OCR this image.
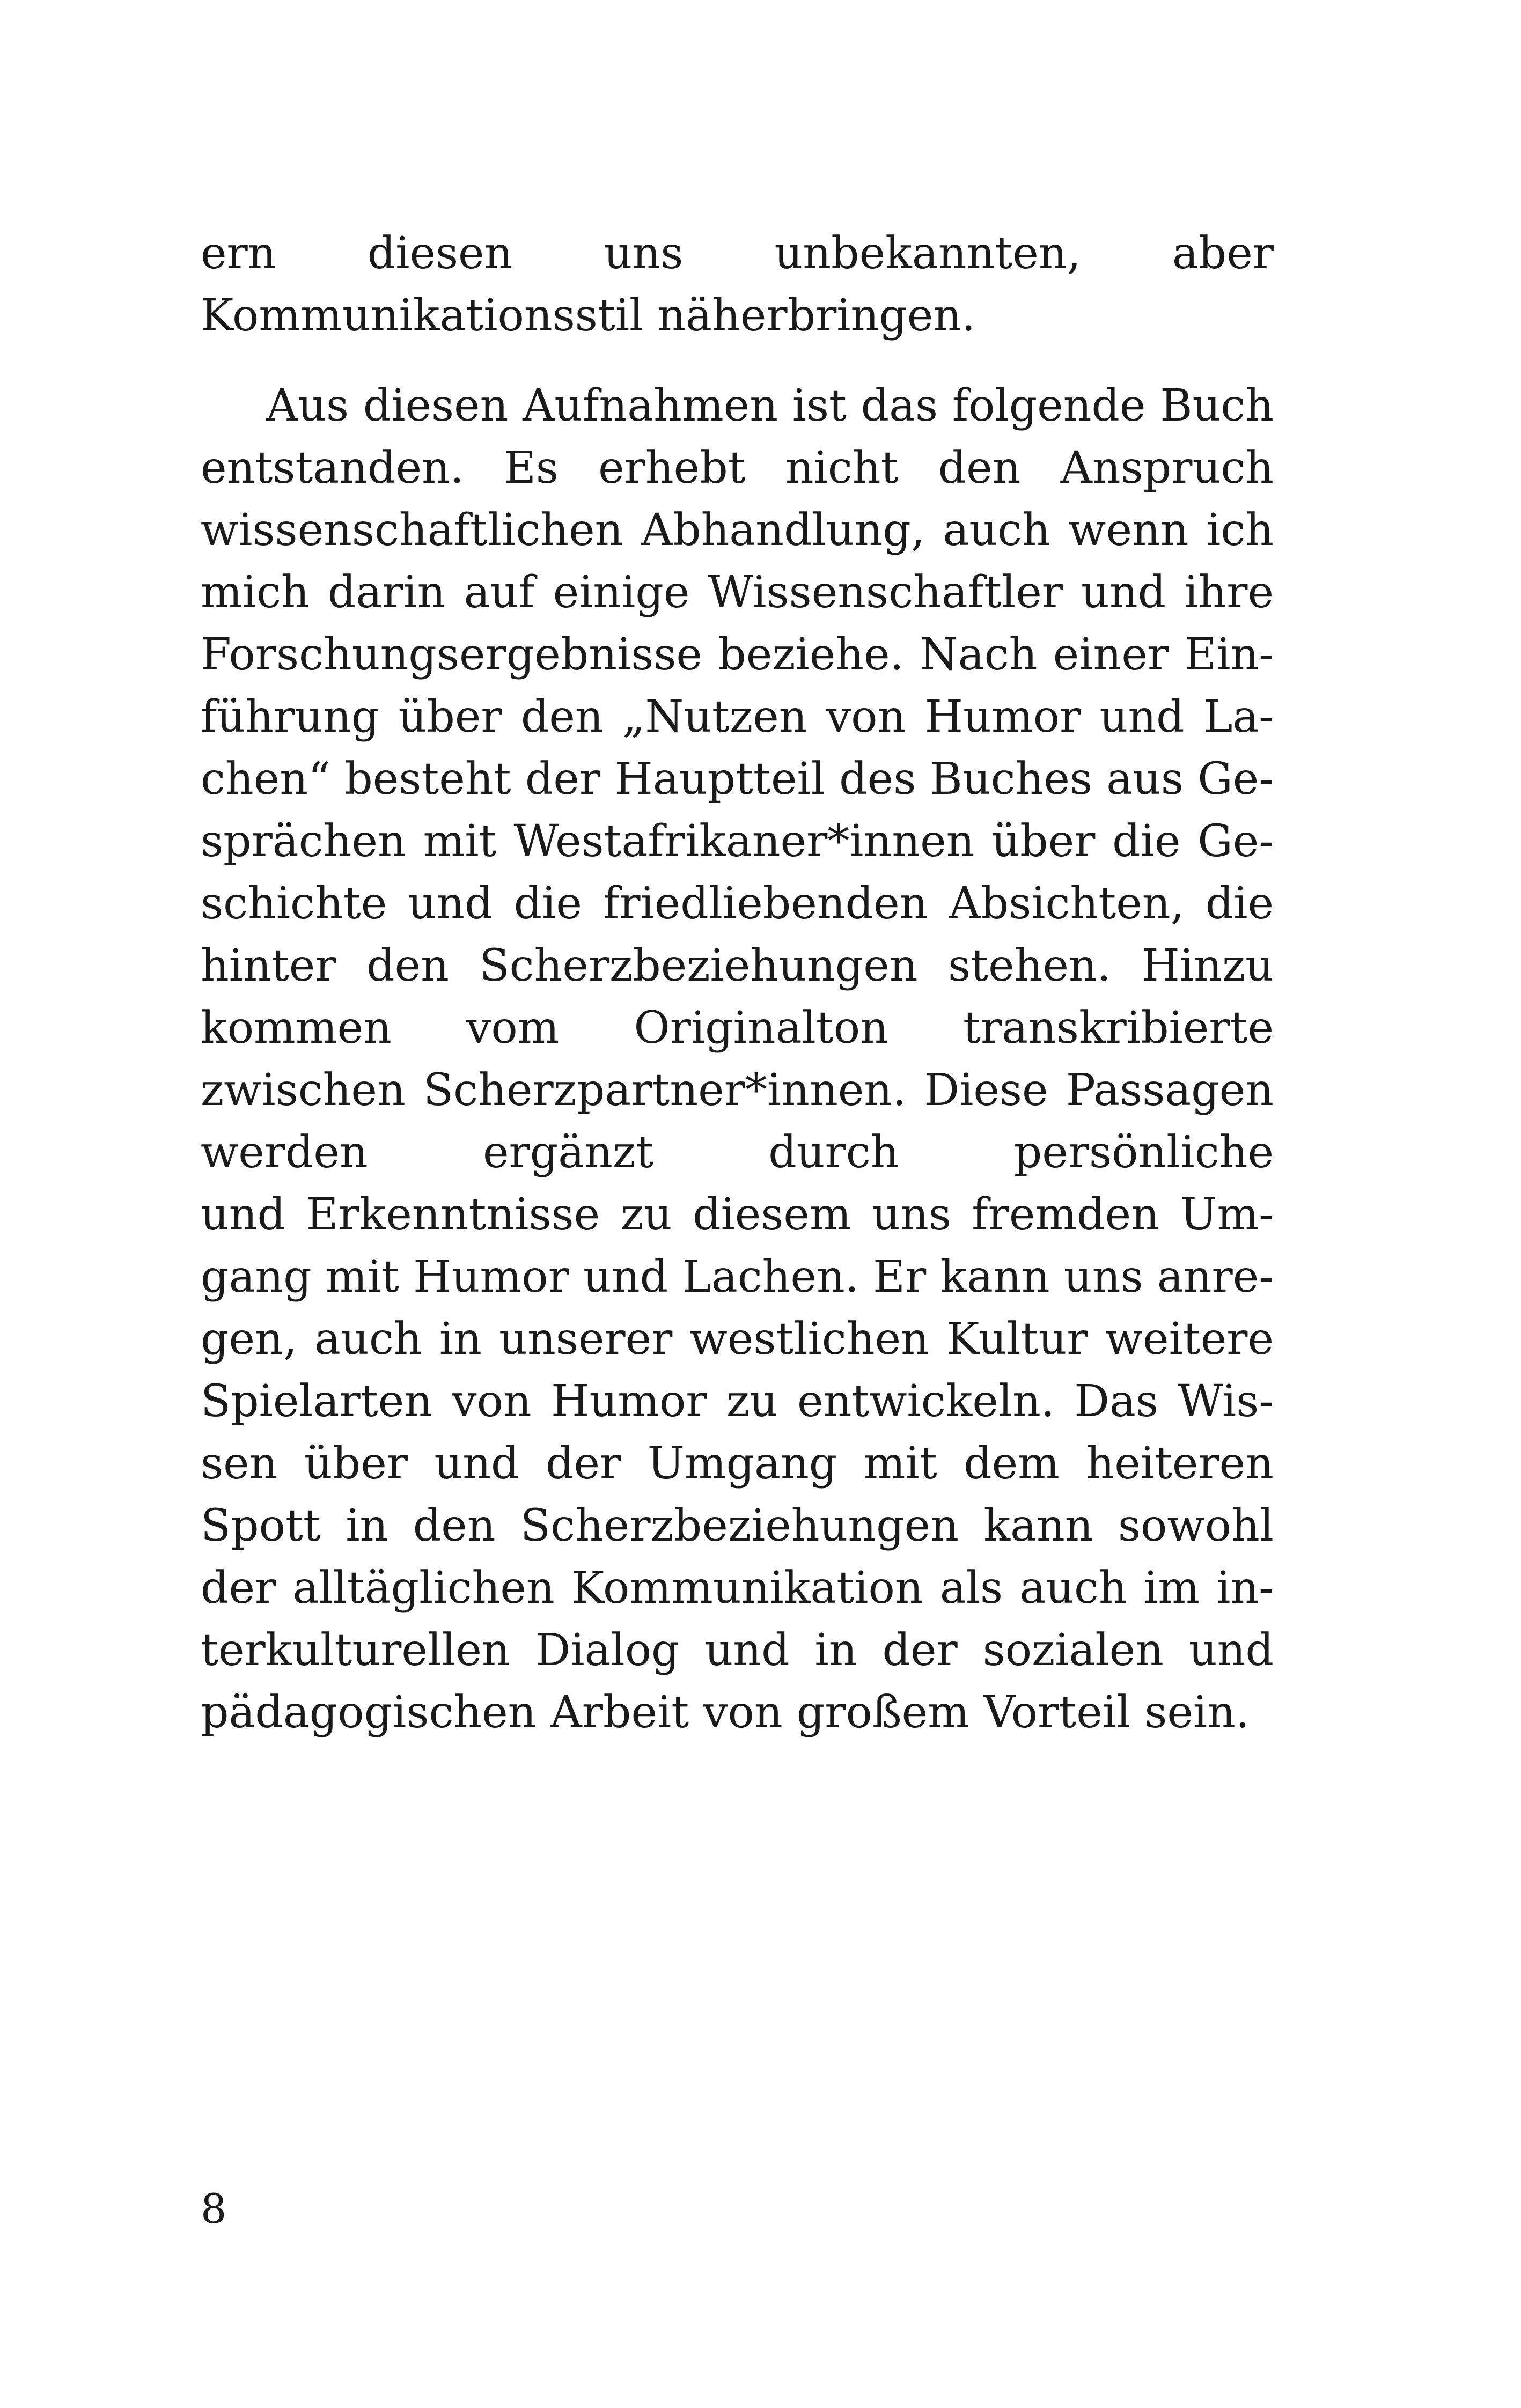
ern diesen uns unbekannten, aber
Kommunikationsstil näherbringen.
Aus diesen Aufnahmen ist das folgende Buch
entstanden. Es erhebt nicht den Anspruch
wissenschaftlichen Abhandlung, auch wenn ich
mich darin auf einige Wissenschaftler und ihre
Forschungsergebnisse beziehe. Nach einer Ein-
führung über den „Nutzen von Humor und La-
chen“ besteht der Hauptteil des Buches aus Ge-
sprächen mit Westafrikaner*innen über die Ge-
schichte und die friedliebenden Absichten, die
hinter den Scherzbeziehungen stehen. Hinzu
kommen vom Originalton transkribierte
zwischen Scherzpartner*innen. Diese Passagen
werden ergänzt durch persönliche
und Erkenntnisse zu diesem uns fremden Um-
gang mit Humor und Lachen. Er kann uns anre-
gen, auch in unserer westlichen Kultur weitere
Spielarten von Humor zu entwickeln. Das Wis-
sen über und der Umgang mit dem heiteren
Spott in den Scherzbeziehungen kann sowohl
der alltäglichen Kommunikation als auch im in-
terkulturellen Dialog und in der sozialen und
pädagogischen Arbeit von großem Vorteil sein.
8
